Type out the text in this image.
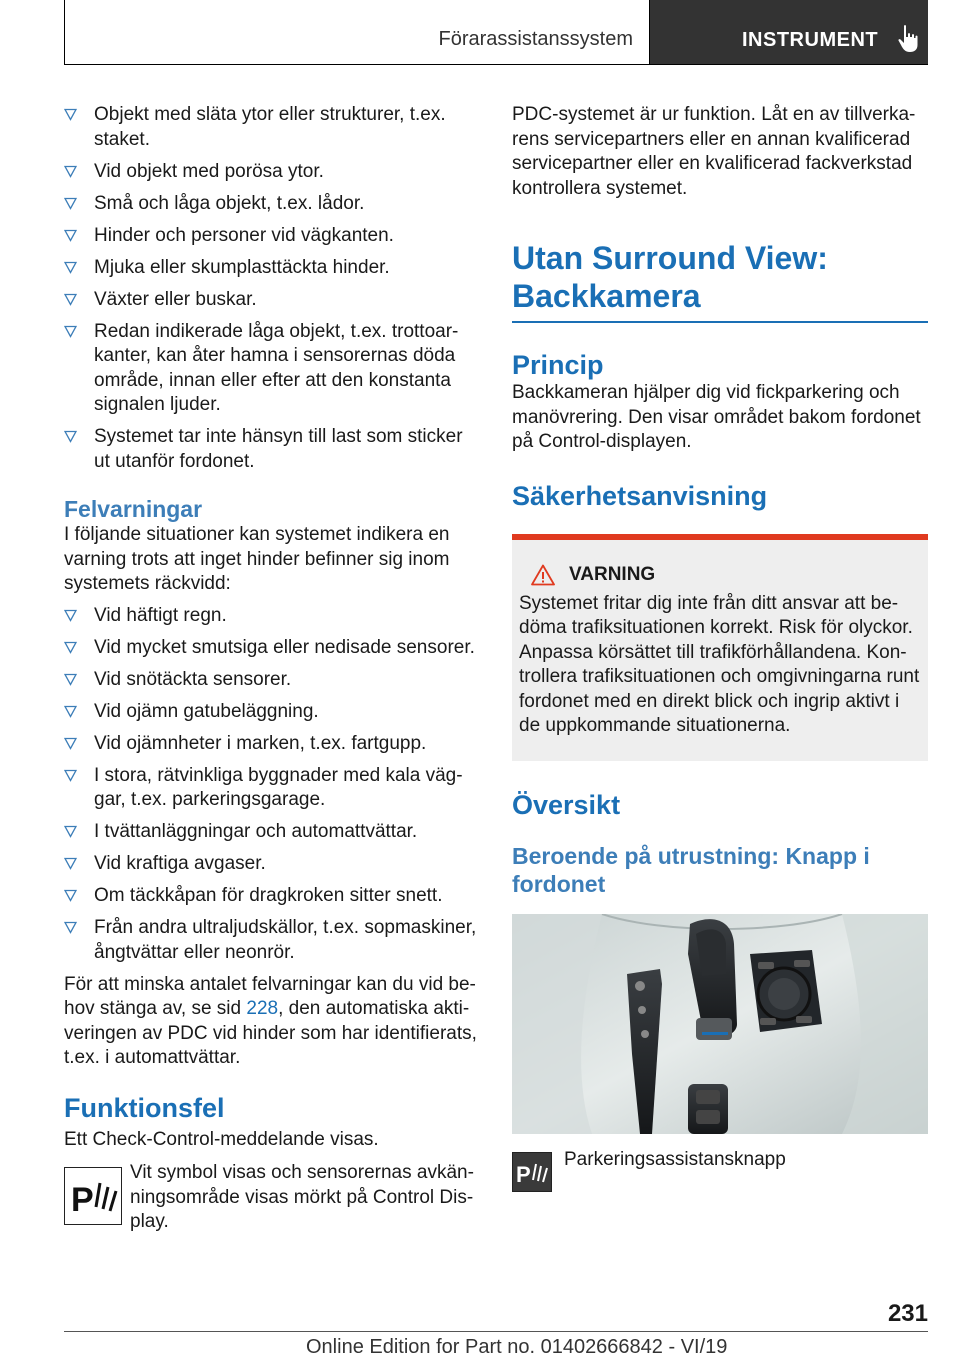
Förarassistanssystem	INSTRUMENT
Objekt med släta ytor eller strukturer, t.ex. staket.
Vid objekt med porösa ytor.
Små och låga objekt, t.ex. lådor.
Hinder och personer vid vägkanten.
Mjuka eller skumplasttäckta hinder.
Växter eller buskar.
Redan indikerade låga objekt, t.ex. trottoar-kanter, kan åter hamna i sensorernas döda område, innan eller efter att den konstanta signalen ljuder.
Systemet tar inte hänsyn till last som sticker ut utanför fordonet.
Felvarningar

I följande situationer kan systemet indikera en varning trots att inget hinder befinner sig inom systemets räckvidd:

Vid häftigt regn.
Vid mycket smutsiga eller nedisade sensorer.
Vid snötäckta sensorer.
Vid ojämn gatubeläggning.
Vid ojämnheter i marken, t.ex. fartgupp.
I stora, rätvinkliga byggnader med kala väg-gar, t.ex. parkeringsgarage.
I tvättanläggningar och automattvättar.
Vid kraftiga avgaser.
Om täckkåpan för dragkroken sitter snett.
Från andra ultraljudskällor, t.ex. sopmaskiner, ångtvättar eller neonrör.

För att minska antalet felvarningar kan du vid be-hov stänga av, se sid 228, den automatiska akti-veringen av PDC vid hinder som har identifierats, t.ex. i automattvättar.

Funktionsfel

Ett Check-Control-meddelande visas.

P

Vit symbol visas och sensorernas avkän-ningsområde visas mörkt på Control Dis-play.

PDC-systemet är ur funktion. Låt en av tillverka-rens servicepartners eller en annan kvalificerad servicepartner eller en kvalificerad fackverkstad kontrollera systemet.

Utan Surround View:
Backkamera
Princip

Backkameran hjälper dig vid fickparkering och manövrering. Den visar området bakom fordonet på Control-displayen.

Säkerhetsanvisning
VARNING

Systemet fritar dig inte från ditt ansvar att be-döma trafiksituationen korrekt. Risk för olyckor. Anpassa körsättet till trafikförhållandena. Kon-trollera trafiksituationen och omgivningarna runt fordonet med en direkt blick och ingrip aktivt i de uppkommande situationerna.

Översikt
Beroende på utrustning: Knapp i fordonet
P

Parkeringsassistansknapp

231
Online Edition for Part no. 01402666842 - VI/19
